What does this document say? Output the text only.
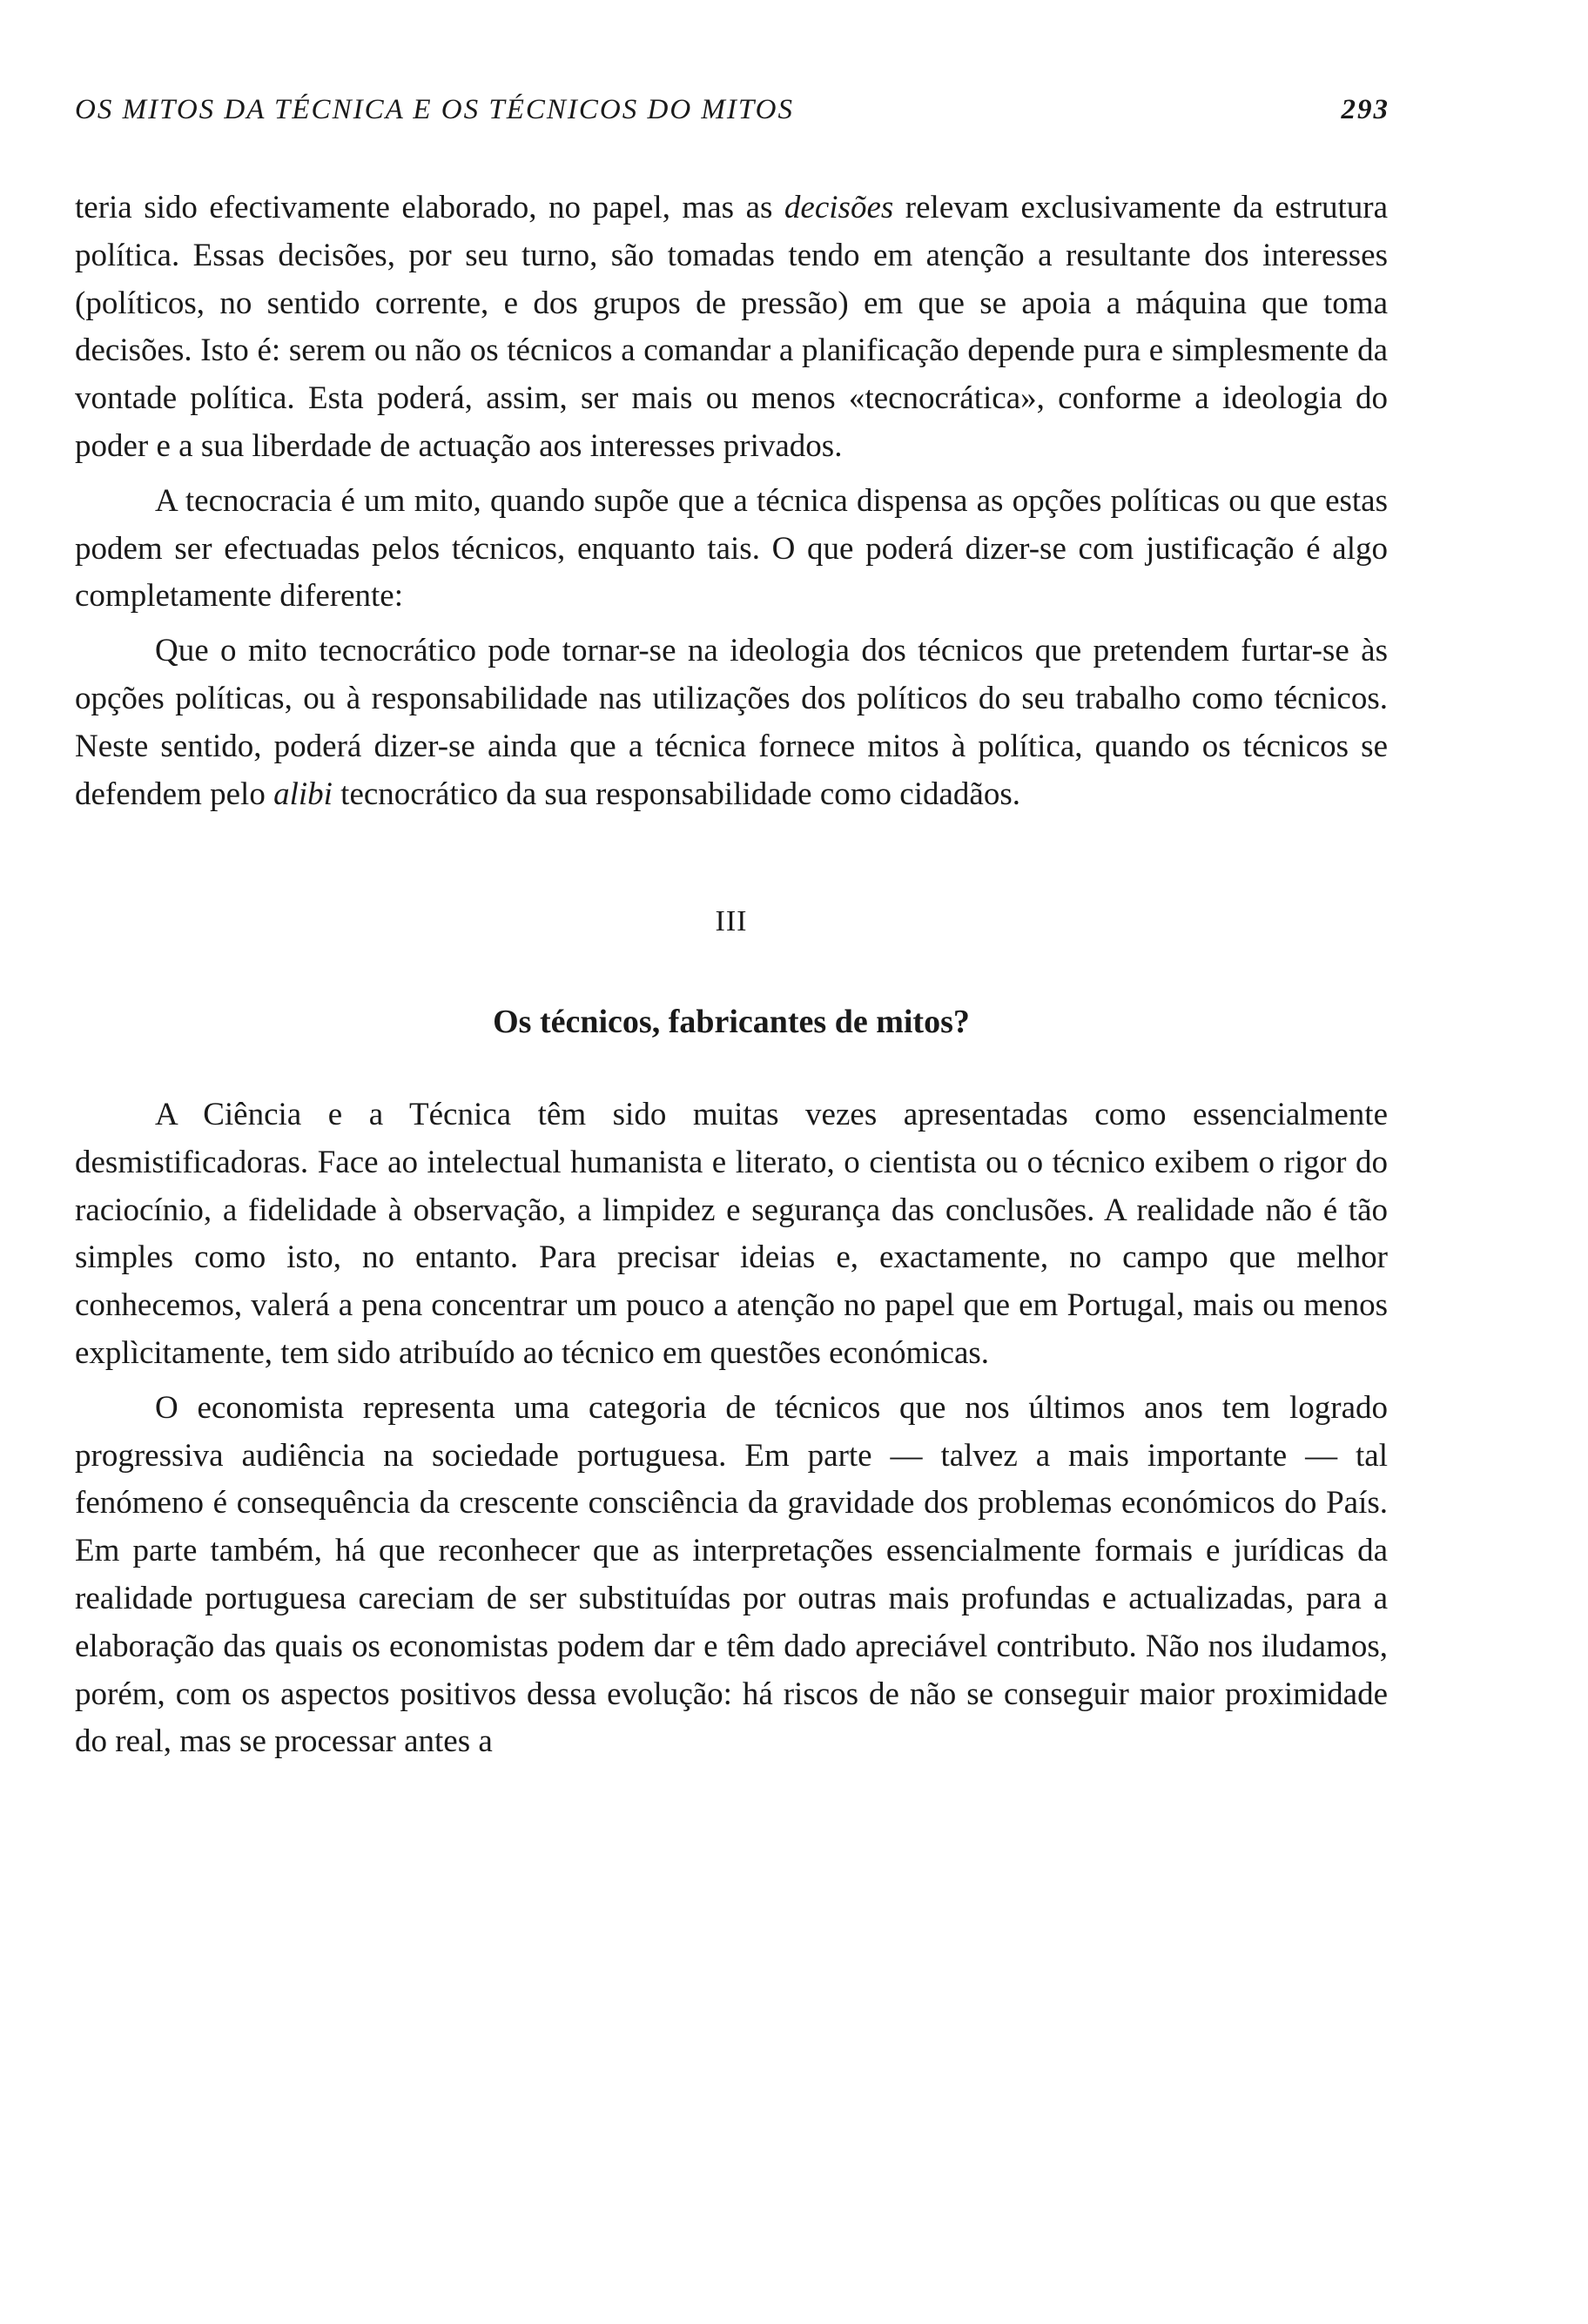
OS MITOS DA TÉCNICA E OS TÉCNICOS DO MITOS	293

teria sido efectivamente elaborado, no papel, mas as decisões relevam exclusivamente da estrutura política. Essas decisões, por seu turno, são tomadas tendo em atenção a resultante dos interesses (políticos, no sentido corrente, e dos grupos de pressão) em que se apoia a máquina que toma decisões. Isto é: serem ou não os técnicos a comandar a planificação depende pura e simplesmente da vontade política. Esta poderá, assim, ser mais ou menos «tecnocrática», conforme a ideologia do poder e a sua liberdade de actuação aos interesses privados.

A tecnocracia é um mito, quando supõe que a técnica dispensa as opções políticas ou que estas podem ser efectuadas pelos técnicos, enquanto tais. O que poderá dizer-se com justificação é algo completamente diferente:

Que o mito tecnocrático pode tornar-se na ideologia dos técnicos que pretendem furtar-se às opções políticas, ou à responsabilidade nas utilizações dos políticos do seu trabalho como técnicos. Neste sentido, poderá dizer-se ainda que a técnica fornece mitos à política, quando os técnicos se defendem pelo alibi tecnocrático da sua responsabilidade como cidadãos.

III
Os técnicos, fabricantes de mitos?

A Ciência e a Técnica têm sido muitas vezes apresentadas como essencialmente desmistificadoras. Face ao intelectual humanista e literato, o cientista ou o técnico exibem o rigor do raciocínio, a fidelidade à observação, a limpidez e segurança das conclusões. A realidade não é tão simples como isto, no entanto. Para precisar ideias e, exactamente, no campo que melhor conhecemos, valerá a pena concentrar um pouco a atenção no papel que em Portugal, mais ou menos explìcitamente, tem sido atribuído ao técnico em questões económicas.

O economista representa uma categoria de técnicos que nos últimos anos tem logrado progressiva audiência na sociedade portuguesa. Em parte — talvez a mais importante — tal fenómeno é consequência da crescente consciência da gravidade dos problemas económicos do País. Em parte também, há que reconhecer que as interpretações essencialmente formais e jurídicas da realidade portuguesa careciam de ser substituídas por outras mais profundas e actualizadas, para a elaboração das quais os economistas podem dar e têm dado apreciável contributo. Não nos iludamos, porém, com os aspectos positivos dessa evolução: há riscos de não se conseguir maior proximidade do real, mas se processar antes a
